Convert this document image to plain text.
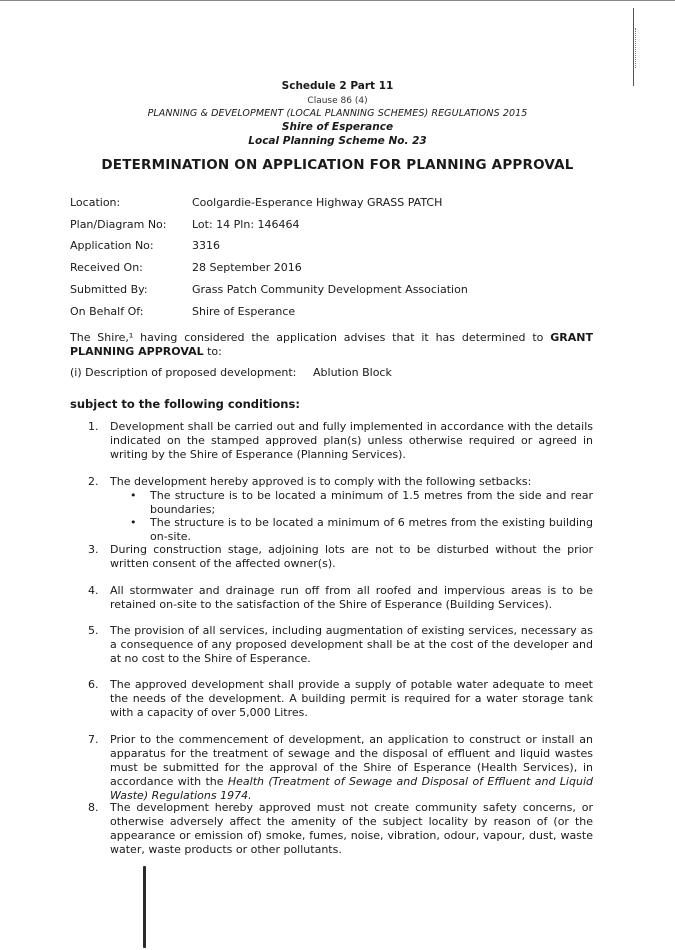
Schedule 2 Part 11
Clause 86 (4)
PLANNING & DEVELOPMENT (LOCAL PLANNING SCHEMES) REGULATIONS 2015
Shire of Esperance
Local Planning Scheme No. 23
DETERMINATION ON APPLICATION FOR PLANNING APPROVAL
Location:	Coolgardie-Esperance Highway GRASS PATCH
Plan/Diagram No:	Lot: 14 Pln: 146464
Application No:	3316
Received On:	28 September 2016
Submitted By:	Grass Patch Community Development Association
On Behalf Of:	Shire of Esperance
The Shire,¹ having considered the application advises that it has determined to GRANT PLANNING APPROVAL to:
(i) Description of proposed development: Ablution Block
subject to the following conditions:
1.	Development shall be carried out and fully implemented in accordance with the details indicated on the stamped approved plan(s) unless otherwise required or agreed in writing by the Shire of Esperance (Planning Services).
2.	The development hereby approved is to comply with the following setbacks:
• The structure is to be located a minimum of 1.5 metres from the side and rear boundaries;
• The structure is to be located a minimum of 6 metres from the existing building on-site.
3.	During construction stage, adjoining lots are not to be disturbed without the prior written consent of the affected owner(s).
4.	All stormwater and drainage run off from all roofed and impervious areas is to be retained on-site to the satisfaction of the Shire of Esperance (Building Services).
5.	The provision of all services, including augmentation of existing services, necessary as a consequence of any proposed development shall be at the cost of the developer and at no cost to the Shire of Esperance.
6.	The approved development shall provide a supply of potable water adequate to meet the needs of the development. A building permit is required for a water storage tank with a capacity of over 5,000 Litres.
7.	Prior to the commencement of development, an application to construct or install an apparatus for the treatment of sewage and the disposal of effluent and liquid wastes must be submitted for the approval of the Shire of Esperance (Health Services), in accordance with the Health (Treatment of Sewage and Disposal of Effluent and Liquid Waste) Regulations 1974.
8.	The development hereby approved must not create community safety concerns, or otherwise adversely affect the amenity of the subject locality by reason of (or the appearance or emission of) smoke, fumes, noise, vibration, odour, vapour, dust, waste water, waste products or other pollutants.
